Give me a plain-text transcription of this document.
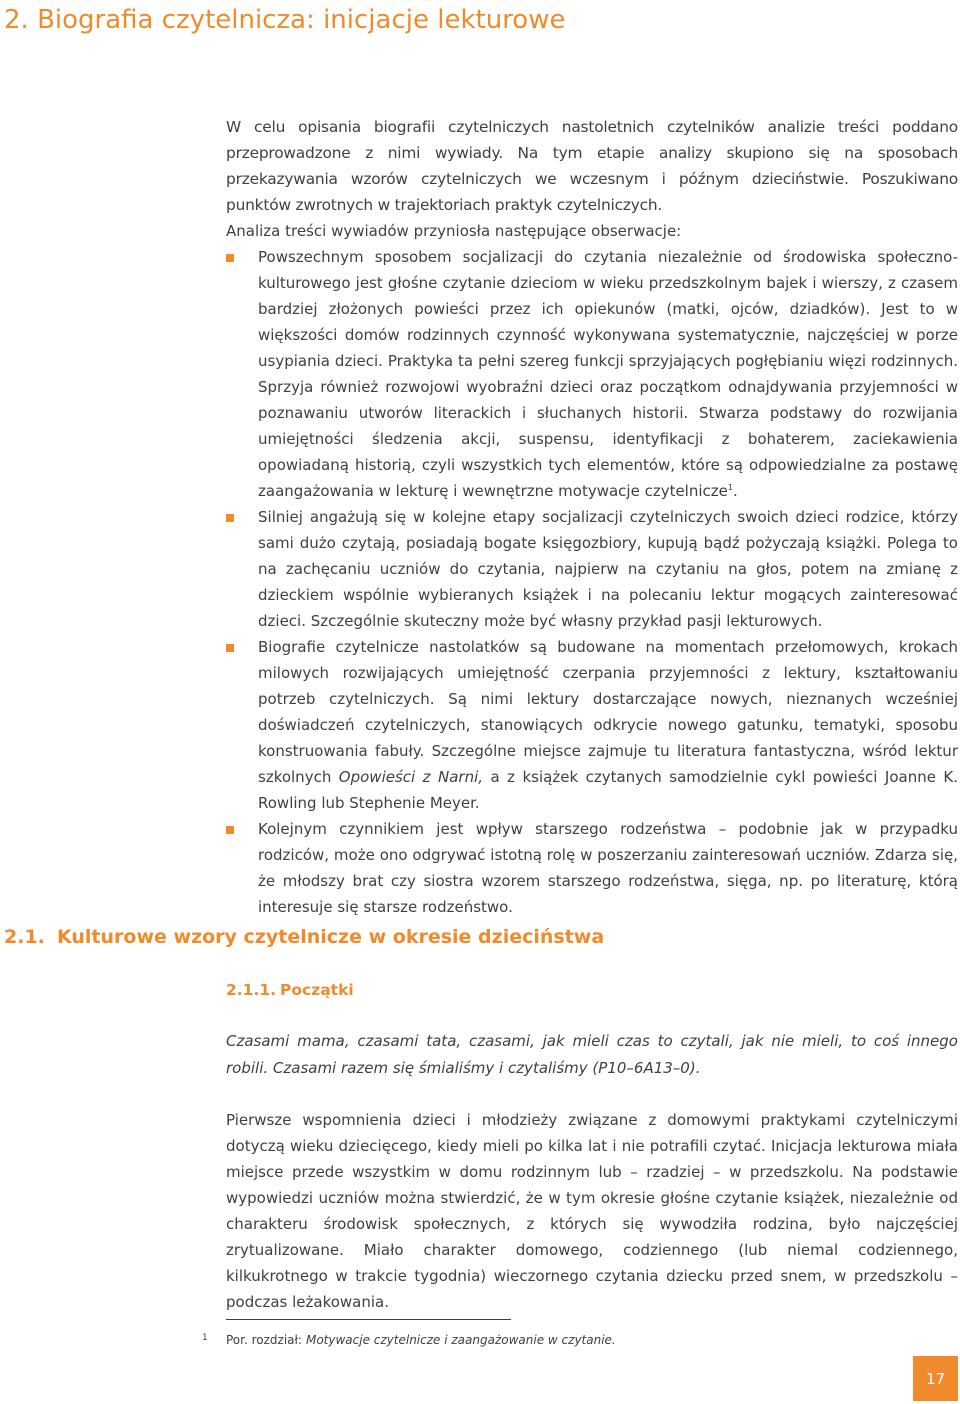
2. Biografia czytelnicza: inicjacje lekturowe

W celu opisania biografii czytelniczych nastoletnich czytelników analizie treści poddano przeprowadzone z nimi wywiady. Na tym etapie analizy skupiono się na sposobach przekazywania wzorów czytelniczych we wczesnym i późnym dzieciństwie. Poszukiwano punktów zwrotnych w trajektoriach praktyk czytelniczych.

Analiza treści wywiadów przyniosła następujące obserwacje:

Powszechnym sposobem socjalizacji do czytania niezależnie od środowiska społeczno-kulturowego jest głośne czytanie dzieciom w wieku przedszkolnym bajek i wierszy, z czasem bardziej złożonych powieści przez ich opiekunów (matki, ojców, dziadków). Jest to w większości domów rodzinnych czynność wykonywana systematycznie, najczęściej w porze usypiania dzieci. Praktyka ta pełni szereg funkcji sprzyjających pogłębianiu więzi rodzinnych. Sprzyja również rozwojowi wyobraźni dzieci oraz początkom odnajdywania przyjemności w poznawaniu utworów literackich i słuchanych historii. Stwarza podstawy do rozwijania umiejętności śledzenia akcji, suspensu, identyfikacji z bohaterem, zaciekawienia opowiadaną historią, czyli wszystkich tych elementów, które są odpowiedzialne za postawę zaangażowania w lekturę i wewnętrzne motywacje czytelnicze$^1$.
Silniej angażują się w kolejne etapy socjalizacji czytelniczych swoich dzieci rodzice, którzy sami dużo czytają, posiadają bogate księgozbiory, kupują bądź pożyczają książki. Polega to na zachęcaniu uczniów do czytania, najpierw na czytaniu na głos, potem na zmianę z dzieckiem wspólnie wybieranych książek i na polecaniu lektur mogących zainteresować dzieci. Szczególnie skuteczny może być własny przykład pasji lekturowych.
Biografie czytelnicze nastolatków są budowane na momentach przełomowych, krokach milowych rozwijających umiejętność czerpania przyjemności z lektury, kształtowaniu potrzeb czytelniczych. Są nimi lektury dostarczające nowych, nieznanych wcześniej doświadczeń czytelniczych, stanowiących odkrycie nowego gatunku, tematyki, sposobu konstruowania fabuły. Szczególne miejsce zajmuje tu literatura fantastyczna, wśród lektur szkolnych Opowieści z Narni, a z książek czytanych samodzielnie cykl powieści Joanne K. Rowling lub Stephenie Meyer.
Kolejnym czynnikiem jest wpływ starszego rodzeństwa – podobnie jak w przypadku rodziców, może ono odgrywać istotną rolę w poszerzaniu zainteresowań uczniów. Zdarza się, że młodszy brat czy siostra wzorem starszego rodzeństwa, sięga, np. po literaturę, którą interesuje się starsze rodzeństwo.
2.1. Kulturowe wzory czytelnicze w okresie dzieciństwa
2.1.1. Początki

Czasami mama, czasami tata, czasami, jak mieli czas to czytali, jak nie mieli, to coś innego robili. Czasami razem się śmialiśmy i czytaliśmy (P10–6A13–0).

Pierwsze wspomnienia dzieci i młodzieży związane z domowymi praktykami czytelniczymi dotyczą wieku dziecięcego, kiedy mieli po kilka lat i nie potrafili czytać. Inicjacja lekturowa miała miejsce przede wszystkim w domu rodzinnym lub – rzadziej – w przedszkolu. Na podstawie wypowiedzi uczniów można stwierdzić, że w tym okresie głośne czytanie książek, niezależnie od charakteru środowisk społecznych, z których się wywodziła rodzina, było najczęściej zrytualizowane. Miało charakter domowego, codziennego (lub niemal codziennego, kilkukrotnego w trakcie tygodnia) wieczornego czytania dziecku przed snem, w przedszkolu – podczas leżakowania.

1 Por. rozdział: Motywacje czytelnicze i zaangażowanie w czytanie.
17
